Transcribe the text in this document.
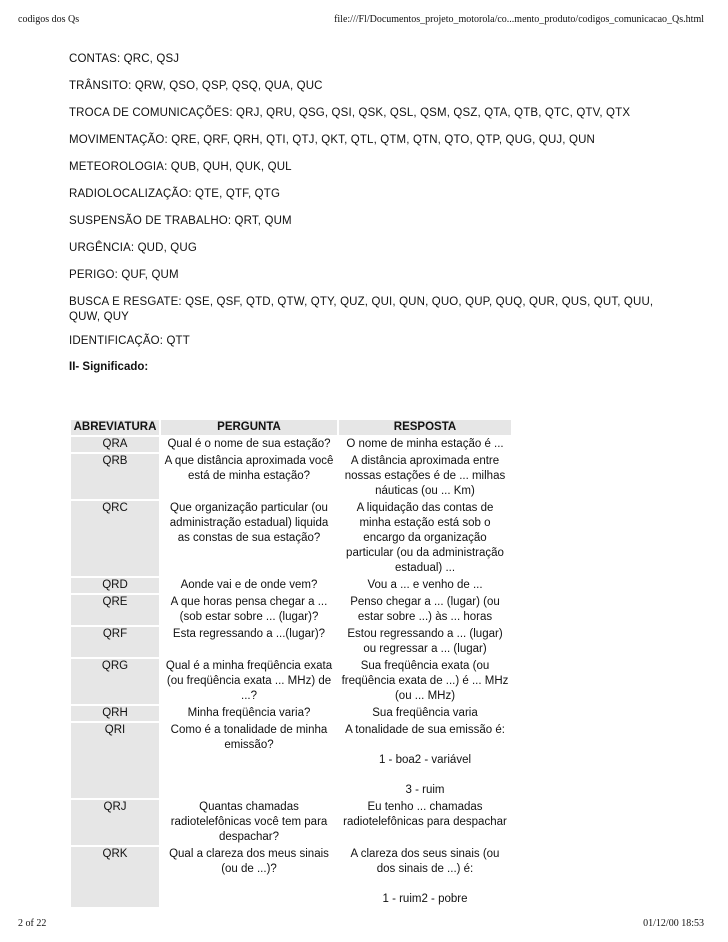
codigos dos Qs	file:///Fl/Documentos_projeto_motorola/co...mento_produto/codigos_comunicacao_Qs.html

CONTAS: QRC, QSJ

TRÂNSITO: QRW, QSO, QSP, QSQ, QUA, QUC

TROCA DE COMUNICAÇÕES: QRJ, QRU, QSG, QSI, QSK, QSL, QSM, QSZ, QTA, QTB, QTC, QTV, QTX

MOVIMENTAÇÃO: QRE, QRF, QRH, QTI, QTJ, QKT, QTL, QTM, QTN, QTO, QTP, QUG, QUJ, QUN

METEOROLOGIA: QUB, QUH, QUK, QUL

RADIOLOCALIZAÇÃO: QTE, QTF, QTG

SUSPENSÃO DE TRABALHO: QRT, QUM

URGÊNCIA: QUD, QUG

PERIGO: QUF, QUM

BUSCA E RESGATE: QSE, QSF, QTD, QTW, QTY, QUZ, QUI, QUN, QUO, QUP, QUQ, QUR, QUS, QUT, QUU, QUW, QUY

IDENTIFICAÇÃO: QTT

II- Significado:
ABREVIATURA	PERGUNTA	RESPOSTA
QRA	Qual é o nome de sua estação?	O nome de minha estação é ...
QRB	A que distância aproximada você está de minha estação?	A distância aproximada entre nossas estações é de ... milhas náuticas (ou ... Km)
QRC	Que organização particular (ou administração estadual) liquida as constas de sua estação?	A liquidação das contas de minha estação está sob o encargo da organização particular (ou da administração estadual) ...
QRD	Aonde vai e de onde vem?	Vou a ... e venho de ...
QRE	A que horas pensa chegar a ... (sob estar sobre ... (lugar)?	Penso chegar a ... (lugar) (ou estar sobre ...) às ... horas
QRF	Esta regressando a ...(lugar)?	Estou regressando a ... (lugar) ou regressar a ... (lugar)
QRG	Qual é a minha freqüência exata (ou freqüência exata ... MHz) de ...?	Sua freqüência exata (ou freqüência exata de ...) é ... MHz (ou ... MHz)
QRH	Minha freqüência varia?	Sua freqüência varia
QRI	Como é a tonalidade de minha emissão?	A tonalidade de sua emissão é:
1 - boa2 - variável
3 - ruim

QRJ	Quantas chamadas radiotelefônicas você tem para despachar?	Eu tenho ... chamadas radiotelefônicas para despachar
QRK	Qual a clareza dos meus sinais (ou de ...)?	A clareza dos seus sinais (ou dos sinais de ...) é:
1 - ruim2 - pobre
2 of 22	01/12/00 18:53
